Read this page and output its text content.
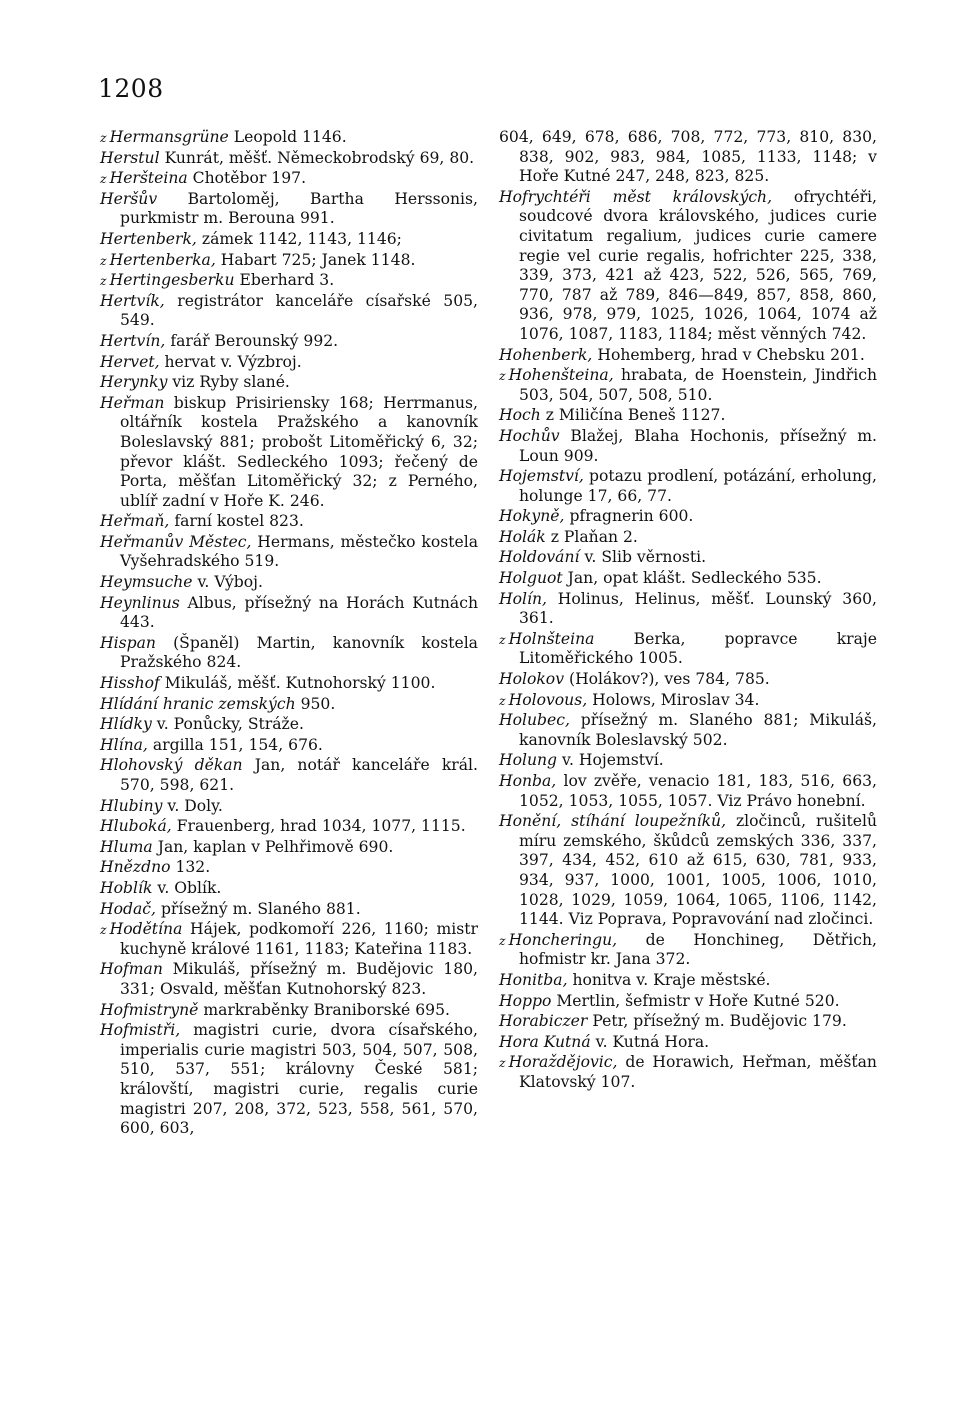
1208

z Hermansgrüne Leopold 1146.

Herstul Kunrát, měšť. Německobrodský 69, 80.

z Heršteina Chotěbor 197.

Heršův Bartoloměj, Bartha Herssonis, purkmistr m. Berouna 991.

Hertenberk, zámek 1142, 1143, 1146;

z Hertenberka, Habart 725; Janek 1148.

z Hertingesberku Eberhard 3.

Hertvík, registrátor kanceláře císařské 505, 549.

Hertvín, farář Berounský 992.

Hervet, hervat v. Výzbroj.

Herynky viz Ryby slané.

Heřman biskup Prisiriensky 168; Herrmanus, oltářník kostela Pražského a kanovník Boleslavský 881; probošt Litoměřický 6, 32; převor klášt. Sedleckého 1093; řečený de Porta, měšťan Litoměřický 32; z Perného, ublíř zadní v Hoře K. 246.

Heřmaň, farní kostel 823.

Heřmanův Městec, Hermans, městečko kostela Vyšehradského 519.

Heymsuche v. Výboj.

Heynlinus Albus, přísežný na Horách Kutnách 443.

Hispan (Španěl) Martin, kanovník kostela Pražského 824.

Hisshof Mikuláš, měšť. Kutnohorský 1100.

Hlídání hranic zemských 950.

Hlídky v. Ponůcky, Stráže.

Hlína, argilla 151, 154, 676.

Hlohovský děkan Jan, notář kanceláře král. 570, 598, 621.

Hlubiny v. Doly.

Hluboká, Frauenberg, hrad 1034, 1077, 1115.

Hluma Jan, kaplan v Pelhřimově 690.

Hnězdno 132.

Hoblík v. Oblík.

Hodač, přísežný m. Slaného 881.

z Hodětína Hájek, podkomoří 226, 1160; mistr kuchyně králové 1161, 1183; Kateřina 1183.

Hofman Mikuláš, přísežný m. Budějovic 180, 331; Osvald, měšťan Kutnohorský 823.

Hofmistryně markraběnky Braniborské 695.

Hofmistři, magistri curie, dvora císařského, imperialis curie magistri 503, 504, 507, 508, 510, 537, 551; královny České 581; královští, magistri curie, regalis curie magistri 207, 208, 372, 523, 558, 561, 570, 600, 603,

604, 649, 678, 686, 708, 772, 773, 810, 830, 838, 902, 983, 984, 1085, 1133, 1148; v Hoře Kutné 247, 248, 823, 825.

Hofrychtéři měst královských, ofrychtéři, soudcové dvora královského, judices curie civitatum regalium, judices curie camere regie vel curie regalis, hofrichter 225, 338, 339, 373, 421 až 423, 522, 526, 565, 769, 770, 787 až 789, 846—849, 857, 858, 860, 936, 978, 979, 1025, 1026, 1064, 1074 až 1076, 1087, 1183, 1184; měst věnných 742.

Hohenberk, Hohemberg, hrad v Chebsku 201.

z Hohenšteina, hrabata, de Hoenstein, Jindřich 503, 504, 507, 508, 510.

Hoch z Miličína Beneš 1127.

Hochův Blažej, Blaha Hochonis, přísežný m. Loun 909.

Hojemství, potazu prodlení, potázání, erholung, holunge 17, 66, 77.

Hokyně, pfragnerin 600.

Holák z Plaňan 2.

Holdování v. Slib věrnosti.

Holguot Jan, opat klášt. Sedleckého 535.

Holín, Holinus, Helinus, měšť. Lounský 360, 361.

z Holnšteina	Berka, popravce kraje Litoměřického 1005.

Holokov (Holákov?), ves 784, 785.

z Holovous, Holows, Miroslav 34.

Holubec, přísežný m. Slaného 881; Mikuláš, kanovník Boleslavský 502.

Holung v. Hojemství.

Honba, lov zvěře, venacio 181, 183, 516, 663, 1052, 1053, 1055, 1057. Viz Právo honební.

Honění, stíhání loupežníků, zločinců, rušitelů míru zemského, škůdců zemských 336, 337, 397, 434, 452, 610 až 615, 630, 781, 933, 934, 937, 1000, 1001, 1005, 1006, 1010, 1028, 1029, 1059, 1064, 1065, 1106, 1142, 1144. Viz Poprava, Popravování nad zločinci.

z Honcheringu, de Honchineg, Dětřich, hofmistr kr. Jana 372.

Honitba, honitva v. Kraje městské.

Hoppo Mertlin, šefmistr v Hoře Kutné 520.

Horabiczer Petr, přísežný m. Budějovic 179.

Hora Kutná v. Kutná Hora.

z Horaždějovic, de Horawich, Heřman, měšťan Klatovský 107.
